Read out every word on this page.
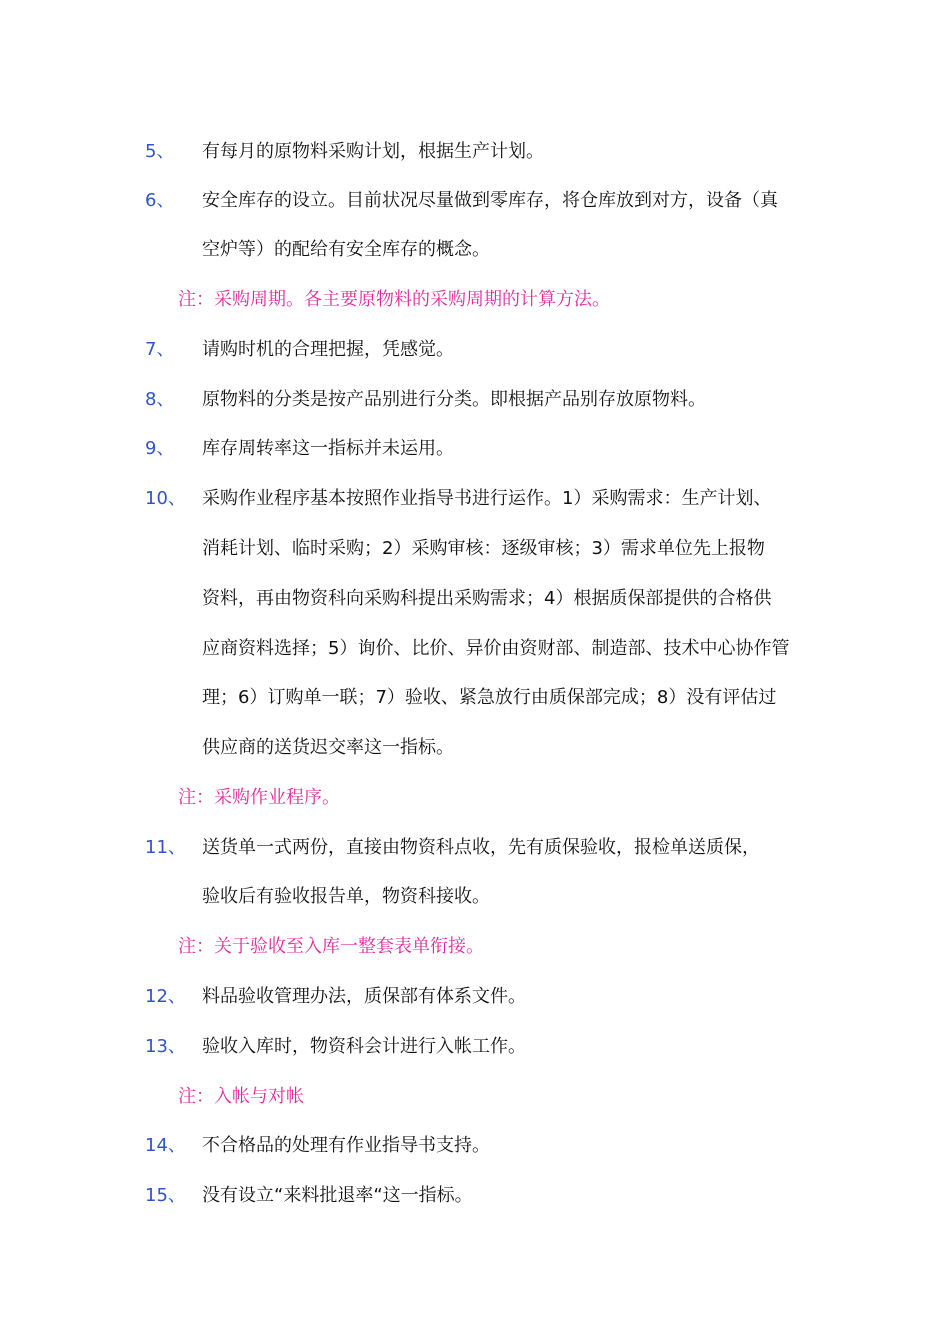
5、 有每月的原物料采购计划，根据生产计划。
6、 安全库存的设立。目前状况尽量做到零库存，将仓库放到对方，设备（真
空炉等）的配给有安全库存的概念。
注：采购周期。各主要原物料的采购周期的计算方法。
7、 请购时机的合理把握，凭感觉。
8、 原物料的分类是按产品别进行分类。即根据产品别存放原物料。
9、 库存周转率这一指标并未运用。
10、 采购作业程序基本按照作业指导书进行运作。1）采购需求：生产计划、
消耗计划、临时采购；2）采购审核：逐级审核；3）需求单位先上报物
资料，再由物资科向采购科提出采购需求；4）根据质保部提供的合格供
应商资料选择；5）询价、比价、异价由资财部、制造部、技术中心协作管
理；6）订购单一联；7）验收、紧急放行由质保部完成；8）没有评估过
供应商的送货迟交率这一指标。
注：采购作业程序。
11、 送货单一式两份，直接由物资科点收，先有质保验收，报检单送质保，
验收后有验收报告单，物资科接收。
注：关于验收至入库一整套表单衔接。
12、 料品验收管理办法，质保部有体系文件。
13、 验收入库时，物资科会计进行入帐工作。
注：入帐与对帐
14、 不合格品的处理有作业指导书支持。
15、 没有设立“来料批退率“这一指标。
